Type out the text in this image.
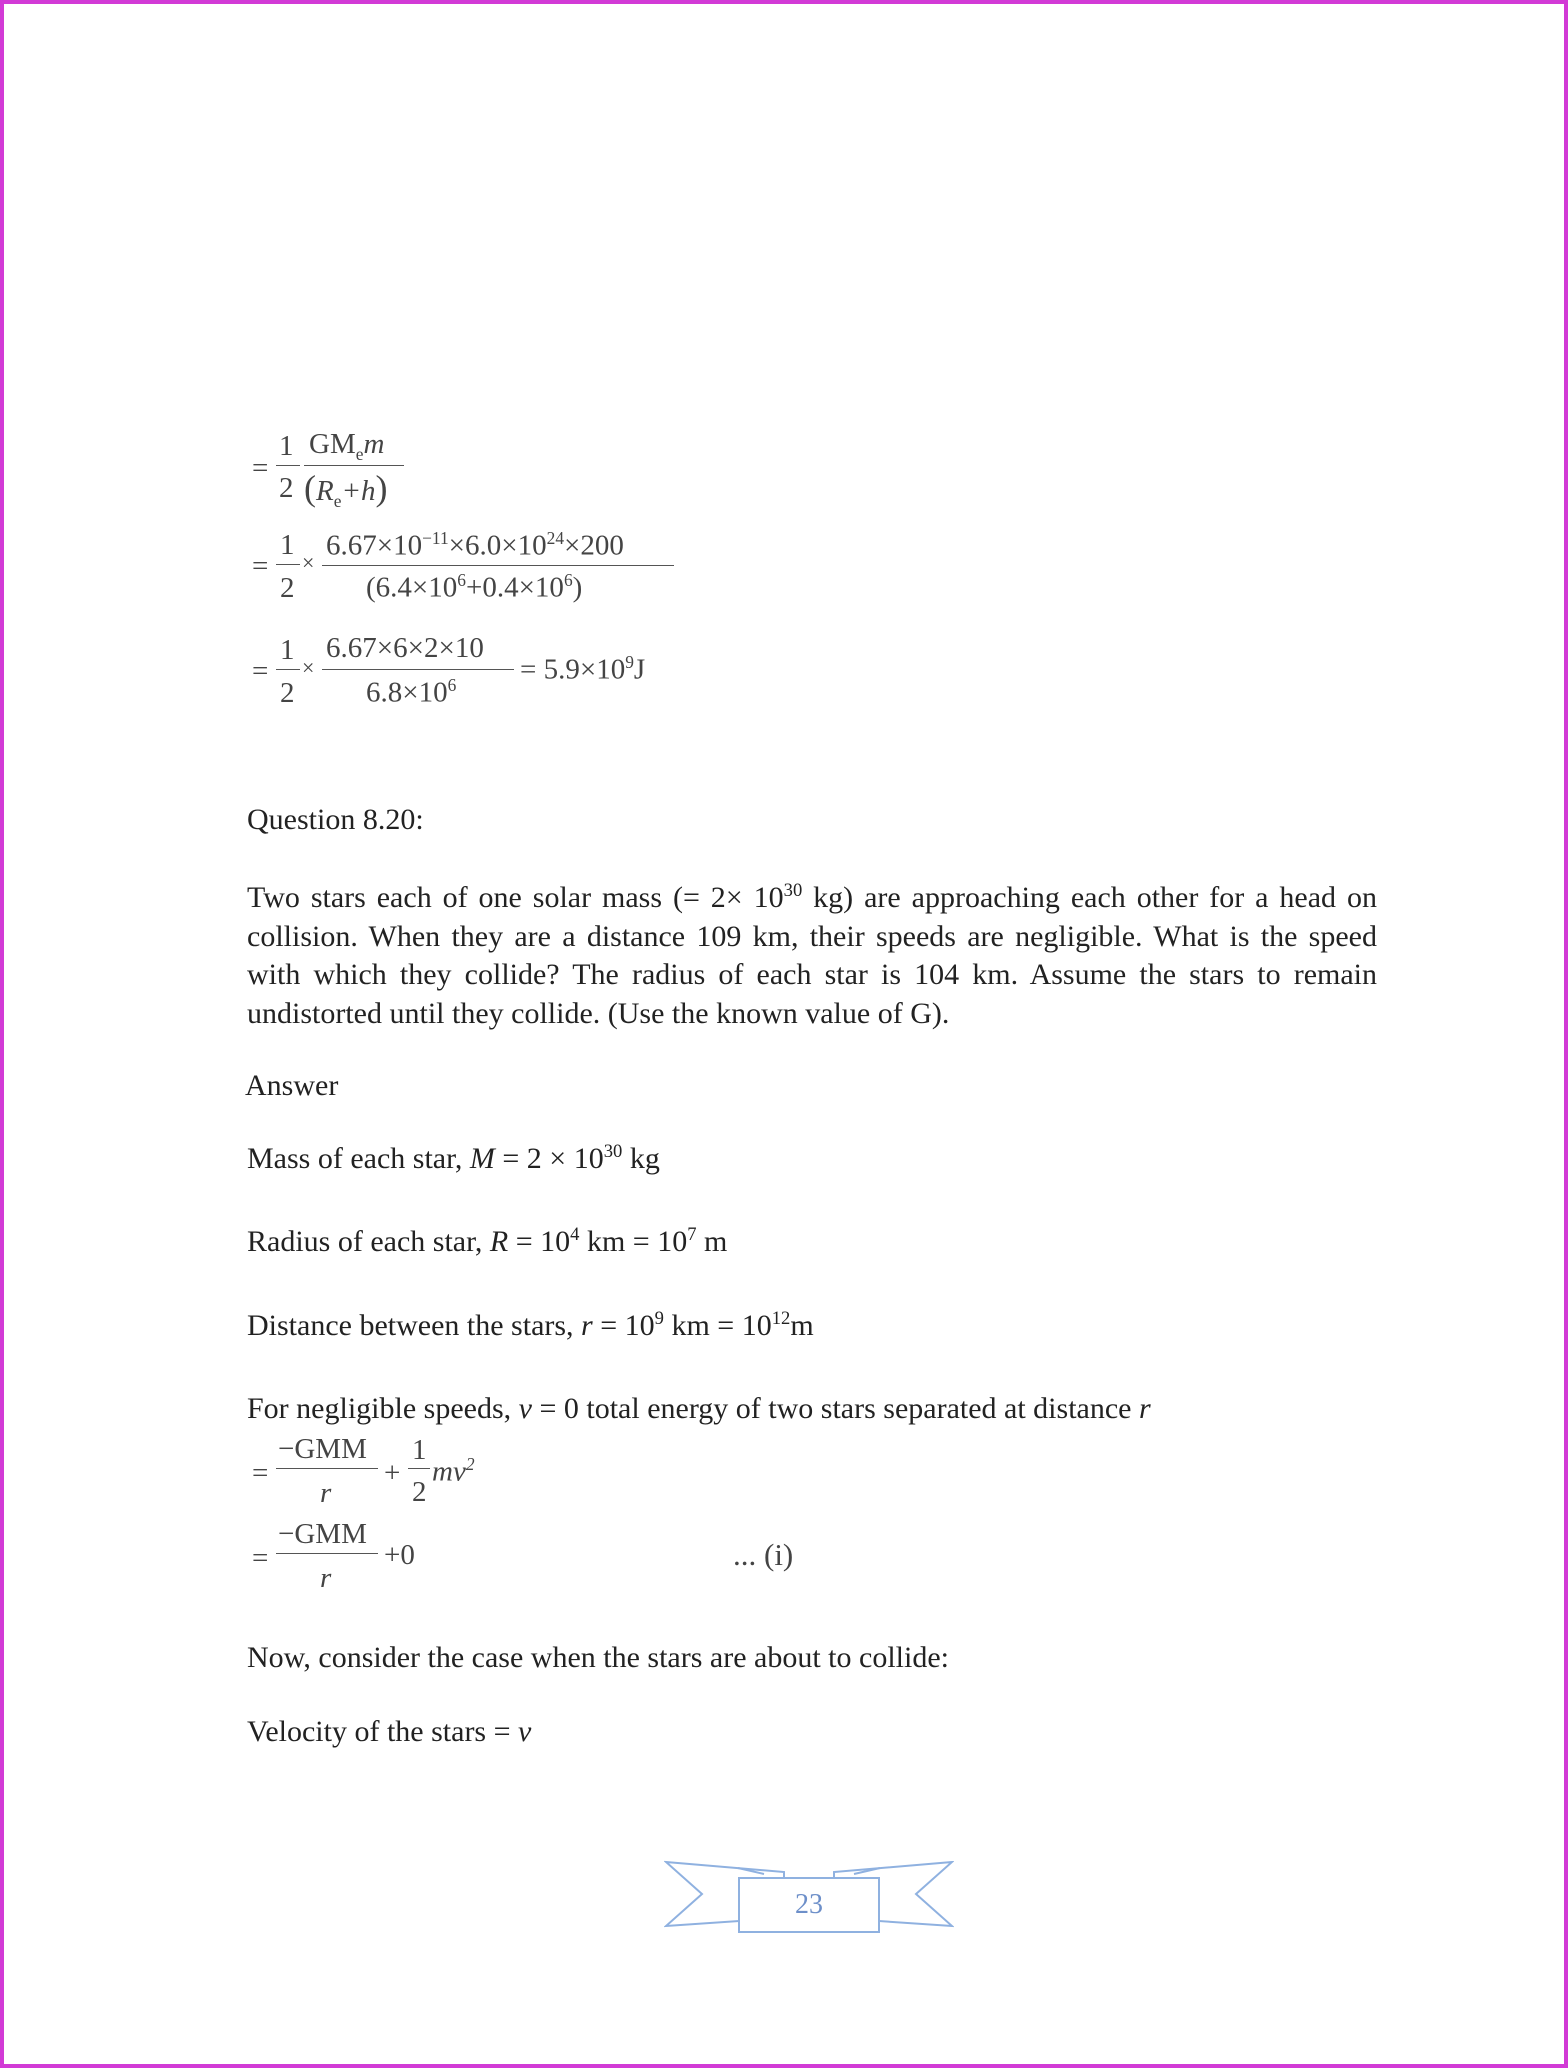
=
1
2
$GM_em$
$(R_e+h)$
=
1
2
×
$6.67\times 10^{-11}\times 6.0\times 10^{24}\times 200$
$(6.4\times 10^6+0.4\times 10^6)$
=
1
2
×
6.67×6×2×10
$6.8\times 10^6 = 5.9\times 10^9J$
Question 8.20:
Two stars each of one solar mass (= $2\times 10^{30}$ kg) are approaching each other for a head on collision. When they are a distance 109 km, their speeds are negligible. What is the speed with which they collide? The radius of each star is 104 km. Assume the stars to remain undistorted until they collide. (Use the known value of G).
Answer
Mass of each star, $M = 2 \times 10^{30}$ kg
Radius of each star, $R = 10^4$ km = $10^7$ m
Distance between the stars, $r = 10^9$ km = $10^{12}m$
For negligible speeds, v = 0 total energy of two stars separated at distance r
=
−GMM
r
+
1
2
$mv^2$
=
−GMM
r
+0	... (i)
Now, consider the case when the stars are about to collide:
Velocity of the stars = v
23
